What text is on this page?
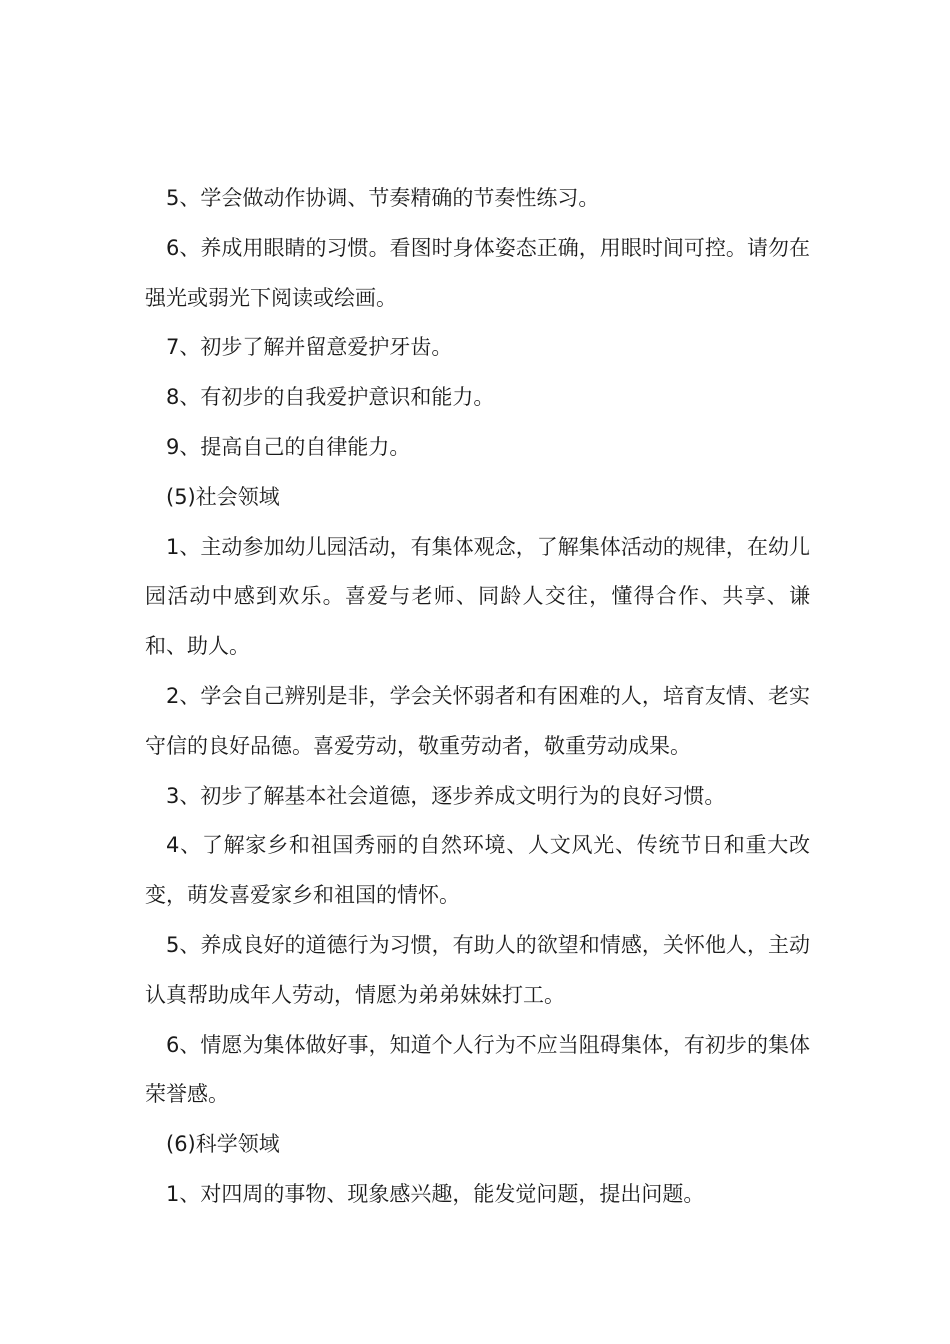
5、学会做动作协调、节奏精确的节奏性练习。

6、养成用眼睛的习惯。看图时身体姿态正确，用眼时间可控。请勿在强光或弱光下阅读或绘画。

7、初步了解并留意爱护牙齿。

8、有初步的自我爱护意识和能力。

9、提高自己的自律能力。

(5)社会领域

1、主动参加幼儿园活动，有集体观念，了解集体活动的规律，在幼儿园活动中感到欢乐。喜爱与老师、同龄人交往，懂得合作、共享、谦和、助人。

2、学会自己辨别是非，学会关怀弱者和有困难的人，培育友情、老实守信的良好品德。喜爱劳动，敬重劳动者，敬重劳动成果。

3、初步了解基本社会道德，逐步养成文明行为的良好习惯。

4、了解家乡和祖国秀丽的自然环境、人文风光、传统节日和重大改变，萌发喜爱家乡和祖国的情怀。

5、养成良好的道德行为习惯，有助人的欲望和情感，关怀他人，主动认真帮助成年人劳动，情愿为弟弟妹妹打工。

6、情愿为集体做好事，知道个人行为不应当阻碍集体，有初步的集体荣誉感。

(6)科学领域

1、对四周的事物、现象感兴趣，能发觉问题，提出问题。
